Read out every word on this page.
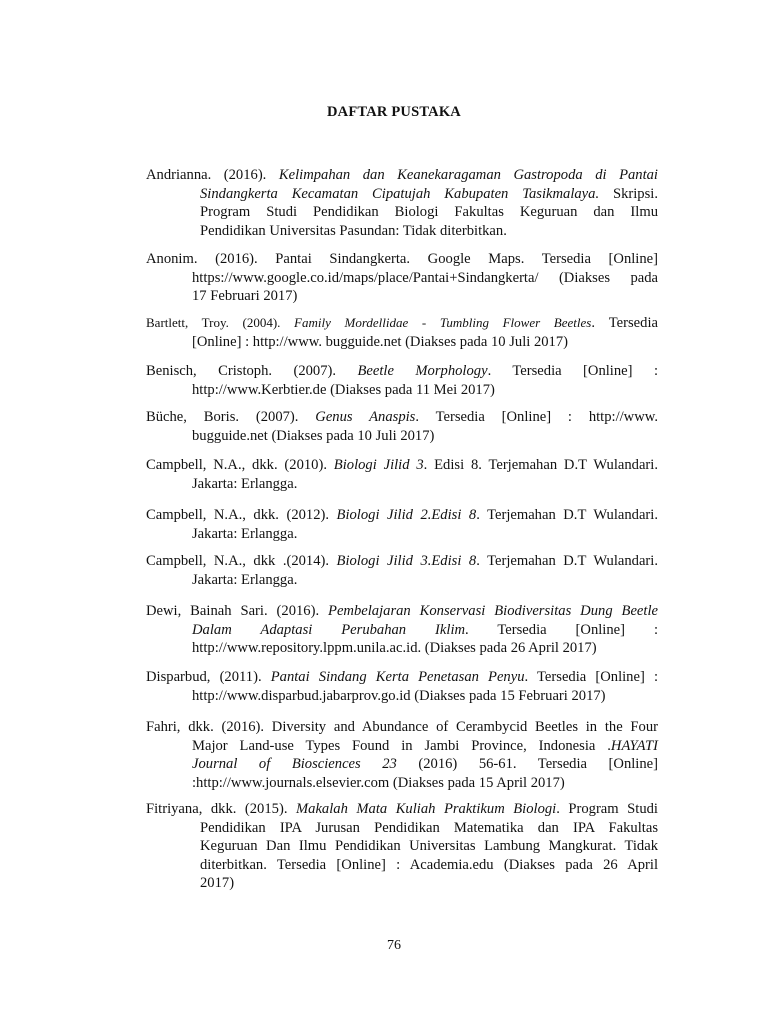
DAFTAR PUSTAKA
Andrianna. (2016). Kelimpahan dan Keanekaragaman Gastropoda di Pantai
Sindangkerta Kecamatan Cipatujah Kabupaten Tasikmalaya. Skripsi.
Program Studi Pendidikan Biologi Fakultas Keguruan dan Ilmu
Pendidikan Universitas Pasundan: Tidak diterbitkan.
Anonim. (2016). Pantai Sindangkerta. Google Maps. Tersedia [Online]
https://www.google.co.id/maps/place/Pantai+Sindangkerta/ (Diakses pada
17 Februari 2017)
Bartlett, Troy. (2004). Family Mordellidae - Tumbling Flower Beetles. Tersedia
[Online] : http://www. bugguide.net (Diakses pada 10 Juli 2017)
Benisch, Cristoph. (2007). Beetle Morphology. Tersedia [Online] :
http://www.Kerbtier.de (Diakses pada 11 Mei 2017)
Büche, Boris. (2007). Genus Anaspis. Tersedia [Online] : http://www.
bugguide.net (Diakses pada 10 Juli 2017)
Campbell, N.A., dkk. (2010). Biologi Jilid 3. Edisi 8. Terjemahan D.T Wulandari.
Jakarta: Erlangga.
Campbell, N.A., dkk. (2012). Biologi Jilid 2.Edisi 8. Terjemahan D.T Wulandari.
Jakarta: Erlangga.
Campbell, N.A., dkk .(2014). Biologi Jilid 3.Edisi 8. Terjemahan D.T Wulandari.
Jakarta: Erlangga.
Dewi, Bainah Sari. (2016). Pembelajaran Konservasi Biodiversitas Dung Beetle
Dalam Adaptasi Perubahan Iklim. Tersedia [Online] :
http://www.repository.lppm.unila.ac.id. (Diakses pada 26 April 2017)
Disparbud, (2011). Pantai Sindang Kerta Penetasan Penyu. Tersedia [Online] :
http://www.disparbud.jabarprov.go.id (Diakses pada 15 Februari 2017)
Fahri, dkk. (2016). Diversity and Abundance of Cerambycid Beetles in the Four
Major Land-use Types Found in Jambi Province, Indonesia .HAYATI
Journal of Biosciences 23 (2016) 56-61. Tersedia [Online]
:http://www.journals.elsevier.com (Diakses pada 15 April 2017)
Fitriyana, dkk. (2015). Makalah Mata Kuliah Praktikum Biologi. Program Studi
Pendidikan IPA Jurusan Pendidikan Matematika dan IPA Fakultas
Keguruan Dan Ilmu Pendidikan Universitas Lambung Mangkurat. Tidak
diterbitkan. Tersedia [Online] : Academia.edu (Diakses pada 26 April
2017)
76
